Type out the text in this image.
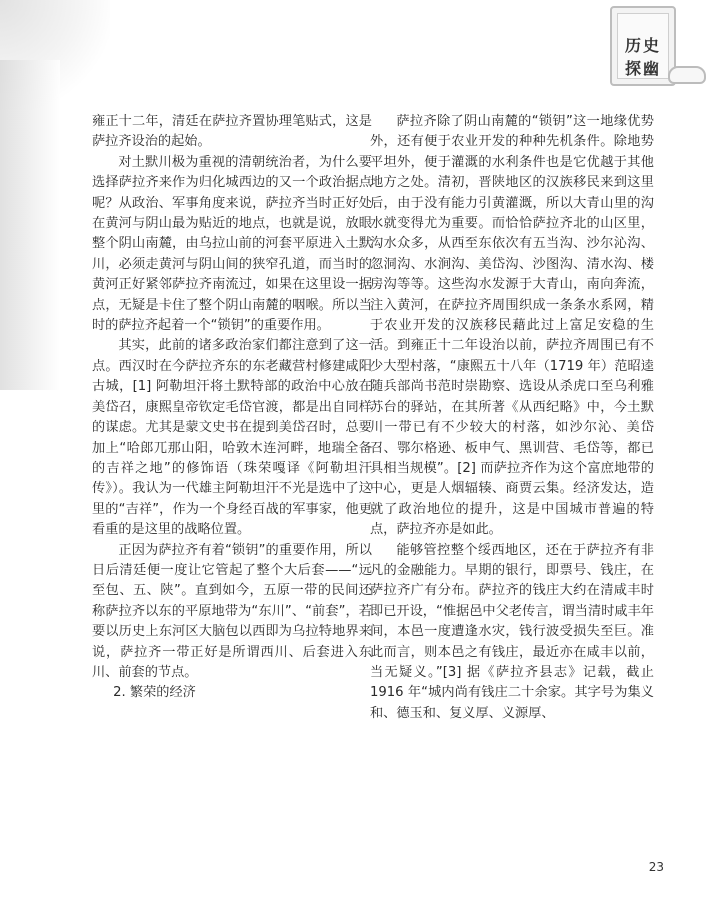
历史
探幽

雍正十二年，清廷在萨拉齐置协理笔贴式，这是萨拉齐设治的起始。

对土默川极为重视的清朝统治者，为什么要选择萨拉齐来作为归化城西边的又一个政治据点呢？从政治、军事角度来说，萨拉齐当时正好处在黄河与阴山最为贴近的地点，也就是说，放眼整个阴山南麓，由乌拉山前的河套平原进入土默川，必须走黄河与阴山间的狭窄孔道，而当时的黄河正好紧邻萨拉齐南流过，如果在这里设一据点，无疑是卡住了整个阴山南麓的咽喉。所以当时的萨拉齐起着一个“锁钥”的重要作用。

其实，此前的诸多政治家们都注意到了这一点。西汉时在今萨拉齐东的东老藏营村修建咸阳古城，[1] 阿勒坦汗将土默特部的政治中心放在美岱召，康熙皇帝钦定毛岱官渡，都是出自同样的谋虑。尤其是蒙文史书在提到美岱召时，总要加上“哈郎兀那山阳，哈敦木连河畔，地瑞全备的吉祥之地”的修饰语（珠荣嘎译《阿勒坦汗传》）。我认为一代雄主阿勒坦汗不光是选中了这里的“吉祥”，作为一个身经百战的军事家，他更看重的是这里的战略位置。

正因为萨拉齐有着“锁钥”的重要作用，所以日后清廷便一度让它管起了整个大后套——“远至包、五、陕”。直到如今，五原一带的民间还称萨拉齐以东的平原地带为“东川”、“前套”，若要以历史上东河区大脑包以西即为乌拉特地界来说，萨拉齐一带正好是所谓西川、后套进入东川、前套的节点。

2. 繁荣的经济

萨拉齐除了阴山南麓的“锁钥”这一地缘优势外，还有便于农业开发的种种先机条件。除地势平坦外，便于灌溉的水利条件也是它优越于其他地方之处。清初，晋陕地区的汉族移民来到这里后，由于没有能力引黄灌溉，所以大青山里的沟水就变得尤为重要。而恰恰萨拉齐北的山区里，沟水众多，从西至东依次有五当沟、沙尔沁沟、忽洞沟、水涧沟、美岱沟、沙图沟、清水沟、楼房沟等等。这些沟水发源于大青山，南向奔流，注入黄河，在萨拉齐周围织成一条条水系网，精于农业开发的汉族移民藉此过上富足安稳的生活。到雍正十二年设治以前，萨拉齐周围已有不少大型村落，“康熙五十八年（1719 年）范昭逵随兵部尚书范时崇勘察、选设从杀虎口至乌利雅苏台的驿站，在其所著《从西纪略》中，今土默川一带已有不少较大的村落，如沙尔沁、美岱召、鄂尔格逊、板申气、黑训营、毛岱等，都已具相当规模”。[2] 而萨拉齐作为这个富庶地带的中心，更是人烟辐辏、商贾云集。经济发达，造就了政治地位的提升，这是中国城市普遍的特点，萨拉齐亦是如此。

能够管控整个绥西地区，还在于萨拉齐有非凡的金融能力。早期的银行，即票号、钱庄，在萨拉齐广有分布。萨拉齐的钱庄大约在清咸丰时即已开设，“惟据邑中父老传言，谓当清时咸丰年间，本邑一度遭逢水灾，钱行波受损失至巨。准此而言，则本邑之有钱庄，最近亦在咸丰以前，当无疑义。”[3] 据《萨拉齐县志》记载，截止 1916 年“城内尚有钱庄二十余家。其字号为集义和、德玉和、复义厚、义源厚、

23
